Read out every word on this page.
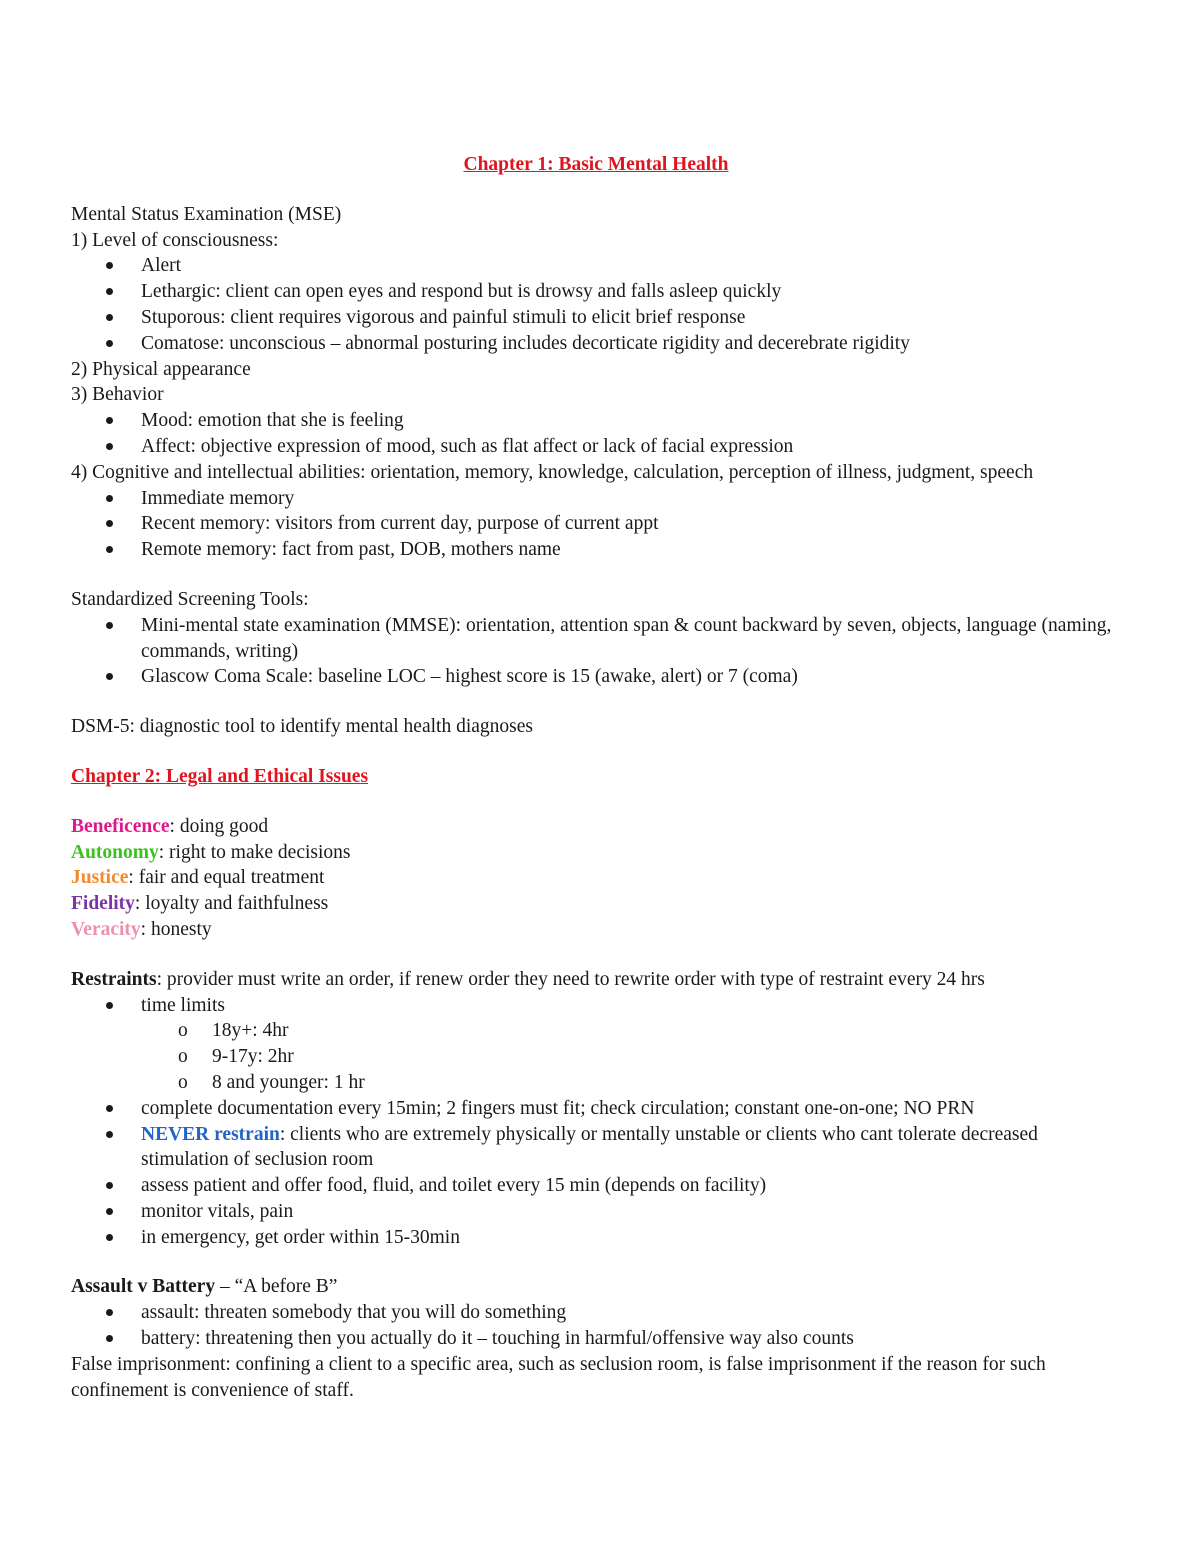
Chapter 1: Basic Mental Health

Mental Status Examination (MSE)

1) Level of consciousness:

Alert
Lethargic: client can open eyes and respond but is drowsy and falls asleep quickly
Stuporous: client requires vigorous and painful stimuli to elicit brief response
Comatose: unconscious – abnormal posturing includes decorticate rigidity and decerebrate rigidity

2) Physical appearance

3) Behavior

Mood: emotion that she is feeling
Affect: objective expression of mood, such as flat affect or lack of facial expression

4) Cognitive and intellectual abilities: orientation, memory, knowledge, calculation, perception of illness, judgment, speech

Immediate memory
Recent memory: visitors from current day, purpose of current appt
Remote memory: fact from past, DOB, mothers name

Standardized Screening Tools:

Mini-mental state examination (MMSE): orientation, attention span & count backward by seven, objects, language (naming, commands, writing)
Glascow Coma Scale: baseline LOC – highest score is 15 (awake, alert) or 7 (coma)

DSM-5: diagnostic tool to identify mental health diagnoses

Chapter 2: Legal and Ethical Issues

Beneficence: doing good

Autonomy: right to make decisions

Justice: fair and equal treatment

Fidelity: loyalty and faithfulness

Veracity: honesty

Restraints: provider must write an order, if renew order they need to rewrite order with type of restraint every 24 hrs

time limits
o 18y+: 4hr
o 9-17y: 2hr
o 8 and younger: 1 hr
complete documentation every 15min; 2 fingers must fit; check circulation; constant one-on-one; NO PRN
NEVER restrain: clients who are extremely physically or mentally unstable or clients who cant tolerate decreased stimulation of seclusion room
assess patient and offer food, fluid, and toilet every 15 min (depends on facility)
monitor vitals, pain
in emergency, get order within 15-30min

Assault v Battery – “A before B”

assault: threaten somebody that you will do something
battery: threatening then you actually do it – touching in harmful/offensive way also counts

False imprisonment: confining a client to a specific area, such as seclusion room, is false imprisonment if the reason for such confinement is convenience of staff.
